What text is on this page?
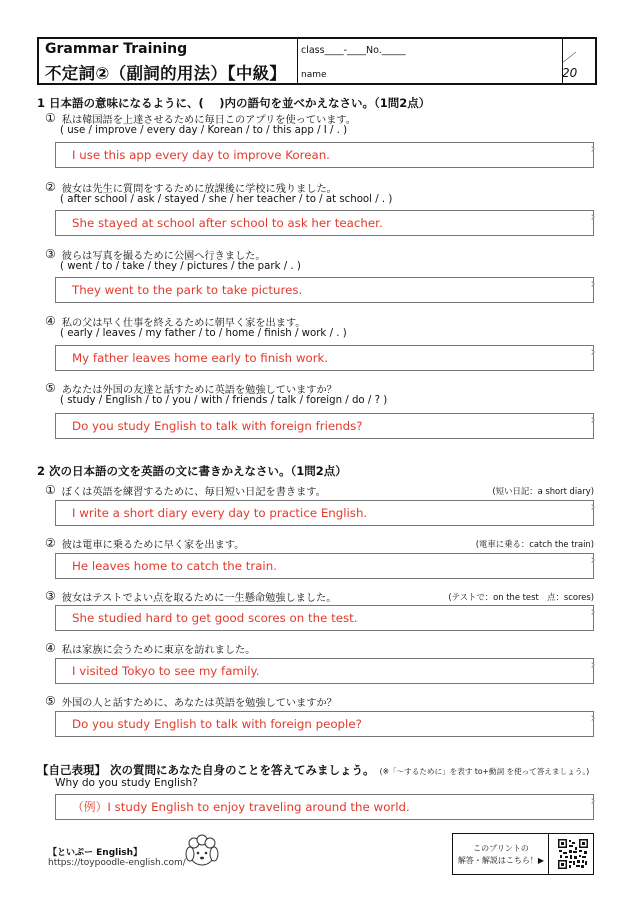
Grammar Training
不定詞②（副詞的用法）【中級】
class____-____No._____
name
／20
1 日本語の意味になるように、(　 )内の語句を並べかえなさい。（1問2点）
① 私は韓国語を上達させるために毎日このアプリを使っています。
( use / improve / every day / Korean / to / this app / I / . )
I use this app every day to improve Korean.
② 彼女は先生に質問をするために放課後に学校に残りました。
( after school / ask / stayed / she / her teacher / to / at school / . )
She stayed at school after school to ask her teacher.
③ 彼らは写真を撮るために公園へ行きました。
( went / to / take / they / pictures / the park / . )
They went to the park to take pictures.
④ 私の父は早く仕事を終えるために朝早く家を出ます。
( early / leaves / my father / to / home / finish / work / . )
My father leaves home early to finish work.
⑤ あなたは外国の友達と話すために英語を勉強していますか？
( study / English / to / you / with / friends / talk / foreign / do / ? )
Do you study English to talk with foreign friends?
2 次の日本語の文を英語の文に書きかえなさい。（1問2点）
① ぼくは英語を練習するために、毎日短い日記を書きます。	(短い日記：a short diary)
I write a short diary every day to practice English.
② 彼は電車に乗るために早く家を出ます。	(電車に乗る：catch the train)
He leaves home to catch the train.
③ 彼女はテストでよい点を取るために一生懸命勉強しました。	(テストで：on the test　点：scores)
She studied hard to get good scores on the test.
④ 私は家族に会うために東京を訪れました。
I visited Tokyo to see my family.
⑤ 外国の人と話すために、あなたは英語を勉強していますか？
Do you study English to talk with foreign people?
【自己表現】 次の質問にあなた自身のことを答えてみましょう。 (※「～するために」を表す to+動詞 を使って答えましょう。)
Why do you study English?
（例）I study English to enjoy traveling around the world.
【といぷー English】
https://toypoodle-english.com/
このプリントの
解答・解説はこちら！▶
